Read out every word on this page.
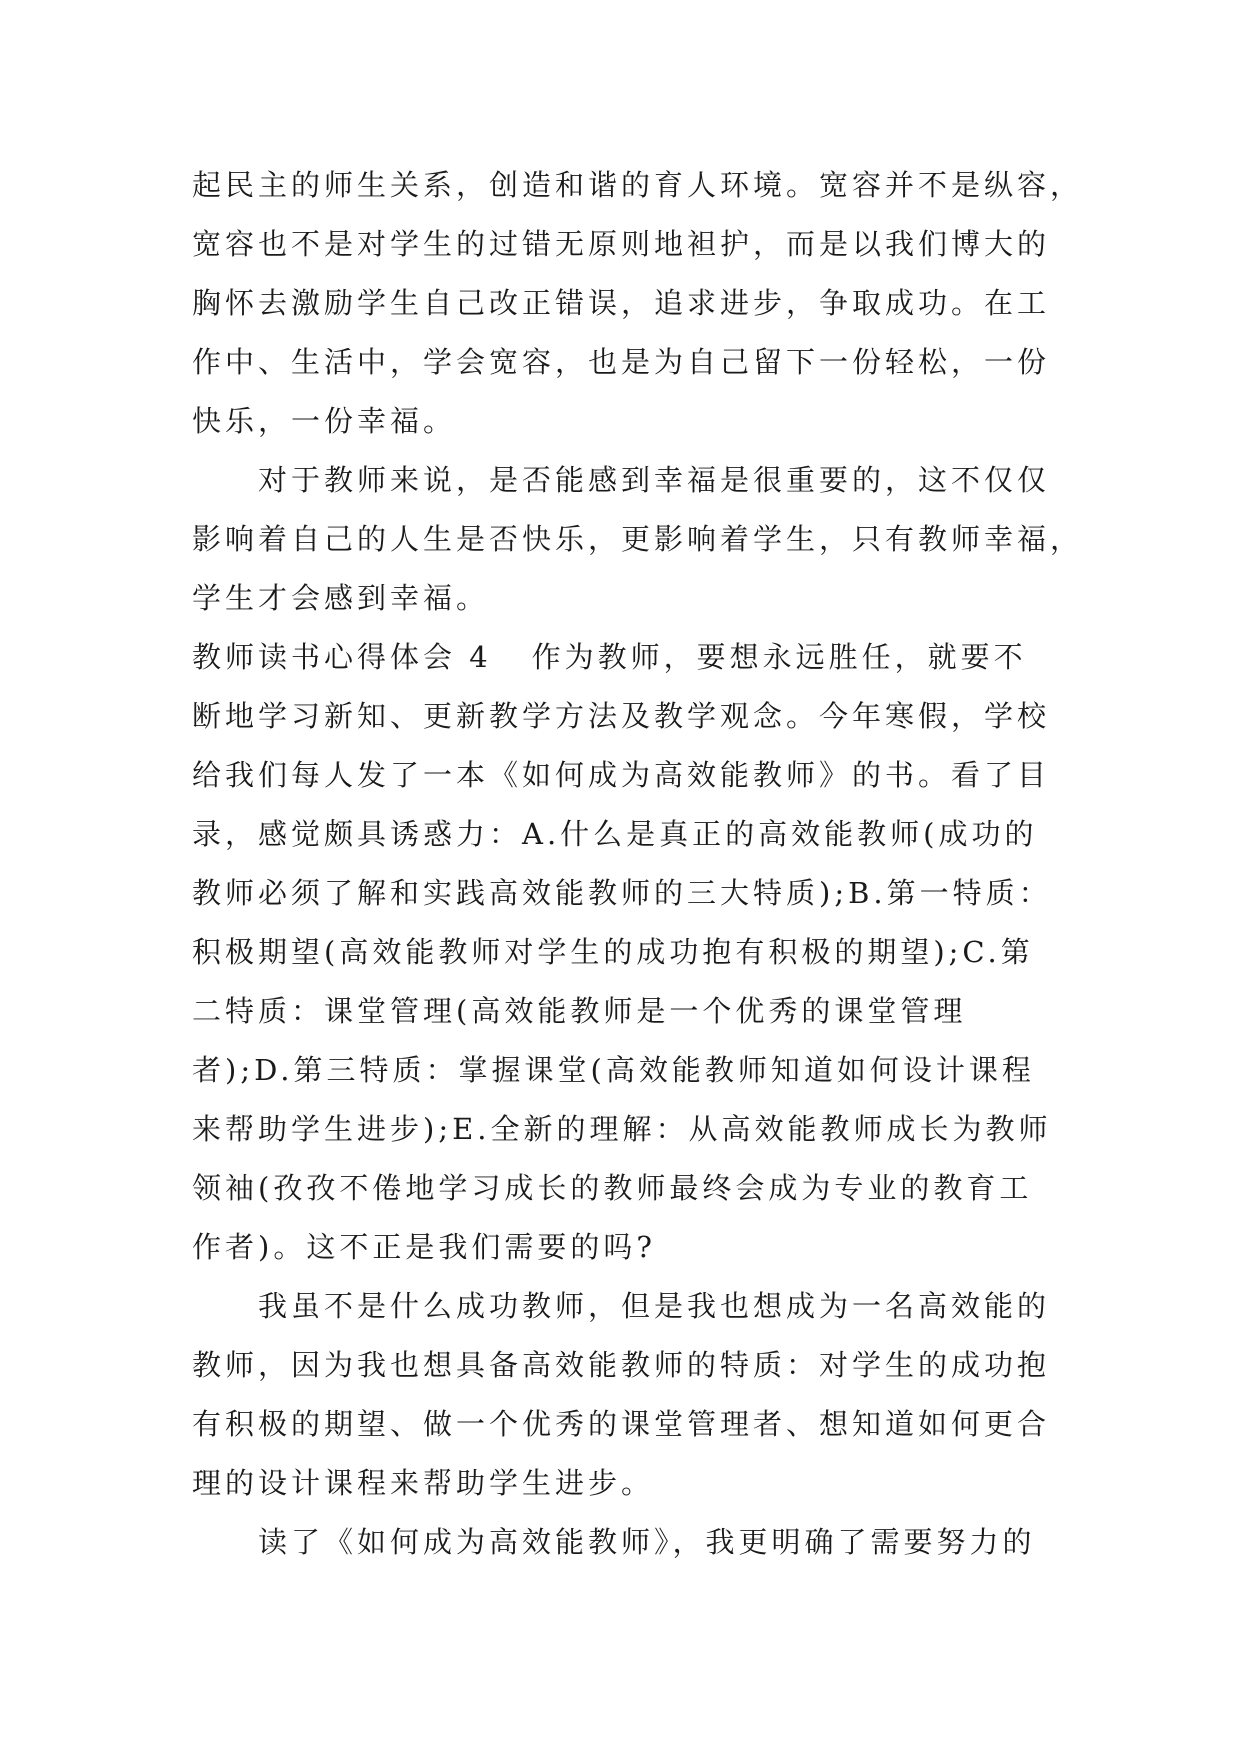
起民主的师生关系，创造和谐的育人环境。宽容并不是纵容，
宽容也不是对学生的过错无原则地袒护，而是以我们博大的
胸怀去激励学生自己改正错误，追求进步，争取成功。在工
作中、生活中，学会宽容，也是为自己留下一份轻松，一份
快乐，一份幸福。
对于教师来说，是否能感到幸福是很重要的，这不仅仅
影响着自己的人生是否快乐，更影响着学生，只有教师幸福，
学生才会感到幸福。
教师读书心得体会 4 作为教师，要想永远胜任，就要不
断地学习新知、更新教学方法及教学观念。今年寒假，学校
给我们每人发了一本《如何成为高效能教师》的书。看了目
录，感觉颇具诱惑力：A.什么是真正的高效能教师(成功的
教师必须了解和实践高效能教师的三大特质);B.第一特质：
积极期望(高效能教师对学生的成功抱有积极的期望);C.第
二特质：课堂管理(高效能教师是一个优秀的课堂管理
者);D.第三特质：掌握课堂(高效能教师知道如何设计课程
来帮助学生进步);E.全新的理解：从高效能教师成长为教师
领袖(孜孜不倦地学习成长的教师最终会成为专业的教育工
作者)。这不正是我们需要的吗?
我虽不是什么成功教师，但是我也想成为一名高效能的
教师，因为我也想具备高效能教师的特质：对学生的成功抱
有积极的期望、做一个优秀的课堂管理者、想知道如何更合
理的设计课程来帮助学生进步。
读了《如何成为高效能教师》，我更明确了需要努力的
